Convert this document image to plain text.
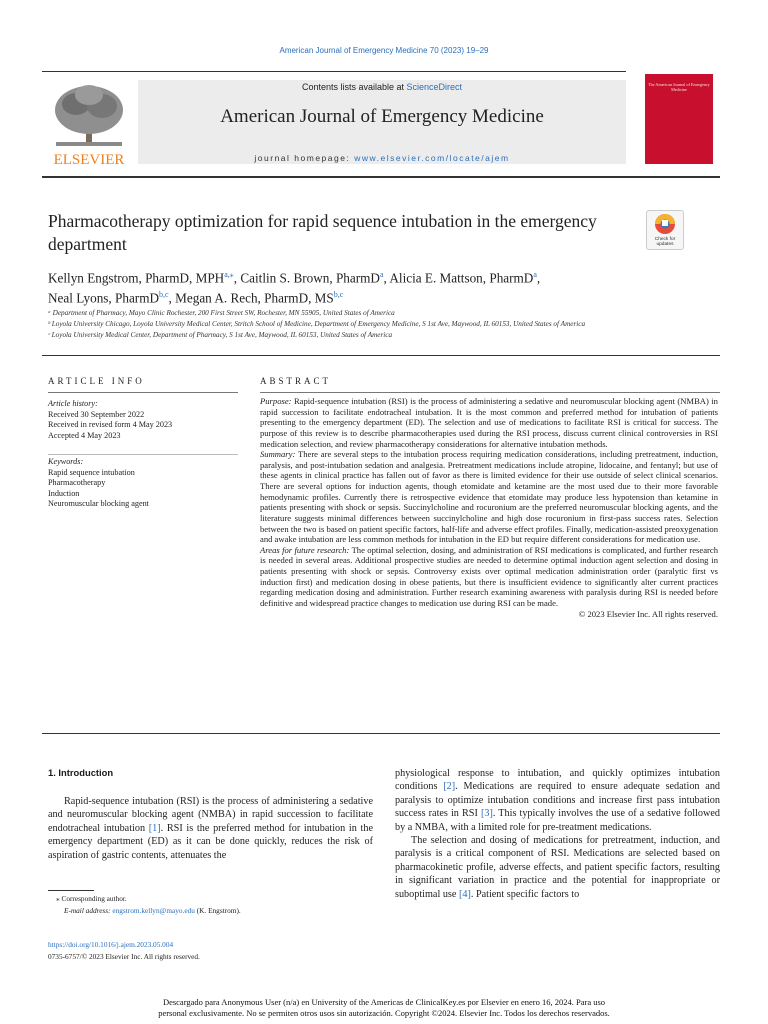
American Journal of Emergency Medicine 70 (2023) 19–29
ELSEVIER
Contents lists available at ScienceDirect
American Journal of Emergency Medicine
journal homepage: www.elsevier.com/locate/ajem
The American Journal of Emergency Medicine
Pharmacotherapy optimization for rapid sequence intubation in the emergency department	Check for
updates
Kellyn Engstrom, PharmD, $MPH^{a,⁎}$, Caitlin S. Brown, PharmD$^a$, Alicia E. Mattson, PharmD$^a$,
Neal Lyons, PharmD$^{b,c}$, Megan A. Rech, PharmD, MS$^{b,c}$
ᵃ Department of Pharmacy, Mayo Clinic Rochester, 200 First Street SW, Rochester, MN 55905, United States of America
ᵇ Loyola University Chicago, Loyola University Medical Center, Stritch School of Medicine, Department of Emergency Medicine, S 1st Ave, Maywood, IL 60153, United States of America
ᶜ Loyola University Medical Center, Department of Pharmacy, S 1st Ave, Maywood, IL 60153, United States of America
ARTICLE INFO	ABSTRACT
Article history:
Received 30 September 2022
Received in revised form 4 May 2023
Accepted 4 May 2023
Keywords:
Rapid sequence intubation
Pharmacotherapy
Induction
Neuromuscular blocking agent

Purpose: Rapid-sequence intubation (RSI) is the process of administering a sedative and neuromuscular blocking agent (NMBA) in rapid succession to facilitate endotracheal intubation. It is the most common and preferred method for intubation of patients presenting to the emergency department (ED). The selection and use of medications to facilitate RSI is critical for success. The purpose of this review is to describe pharmacotherapies used during the RSI process, discuss current clinical controversies in RSI medication selection, and review pharmacotherapy considerations for alternative intubation methods.

Summary: There are several steps to the intubation process requiring medication considerations, including pretreatment, induction, paralysis, and post-intubation sedation and analgesia. Pretreatment medications include atropine, lidocaine, and fentanyl; but use of these agents in clinical practice has fallen out of favor as there is limited evidence for their use outside of select clinical scenarios. There are several options for induction agents, though etomidate and ketamine are the most used due to their more favorable hemodynamic profiles. Currently there is retrospective evidence that etomidate may produce less hypotension than ketamine in patients presenting with shock or sepsis. Succinylcholine and rocuronium are the preferred neuromuscular blocking agents, and the literature suggests minimal differences between succinylcholine and high dose rocuronium in first-pass success rates. Selection between the two is based on patient specific factors, half-life and adverse effect profiles. Finally, medication-assisted preoxygenation and awake intubation are less common methods for intubation in the ED but require different considerations for medication use.

Areas for future research: The optimal selection, dosing, and administration of RSI medications is complicated, and further research is needed in several areas. Additional prospective studies are needed to determine optimal induction agent selection and dosing in patients presenting with shock or sepsis. Controversy exists over optimal medication administration order (paralytic first vs induction first) and medication dosing in obese patients, but there is insufficient evidence to significantly alter current practices regarding medication dosing and administration. Further research examining awareness with paralysis during RSI is needed before definitive and widespread practice changes to medication use during RSI can be made.

© 2023 Elsevier Inc. All rights reserved.

1. Introduction

Rapid-sequence intubation (RSI) is the process of administering a sedative and neuromuscular blocking agent (NMBA) in rapid succession to facilitate endotracheal intubation [1]. RSI is the preferred method for intubation in the emergency department (ED) as it can be done quickly, reduces the risk of aspiration of gastric contents, attenuates the

physiological response to intubation, and quickly optimizes intubation conditions [2]. Medications are required to ensure adequate sedation and paralysis to optimize intubation conditions and increase first pass intubation success rates in RSI [3]. This typically involves the use of a sedative followed by a NMBA, with a limited role for pre-treatment medications.

The selection and dosing of medications for pretreatment, induction, and paralysis is a critical component of RSI. Medications are selected based on pharmacokinetic profile, adverse effects, and patient specific factors, resulting in significant variation in practice and the potential for inappropriate or suboptimal use [4]. Patient specific factors to

⁎ Corresponding author.
E-mail address: engstrom.kellyn@mayo.edu (K. Engstrom).
https://doi.org/10.1016/j.ajem.2023.05.004
0735-6757/© 2023 Elsevier Inc. All rights reserved.
Descargado para Anonymous User (n/a) en University of the Americas de ClinicalKey.es por Elsevier en enero 16, 2024. Para uso
personal exclusivamente. No se permiten otros usos sin autorización. Copyright ©2024. Elsevier Inc. Todos los derechos reservados.
